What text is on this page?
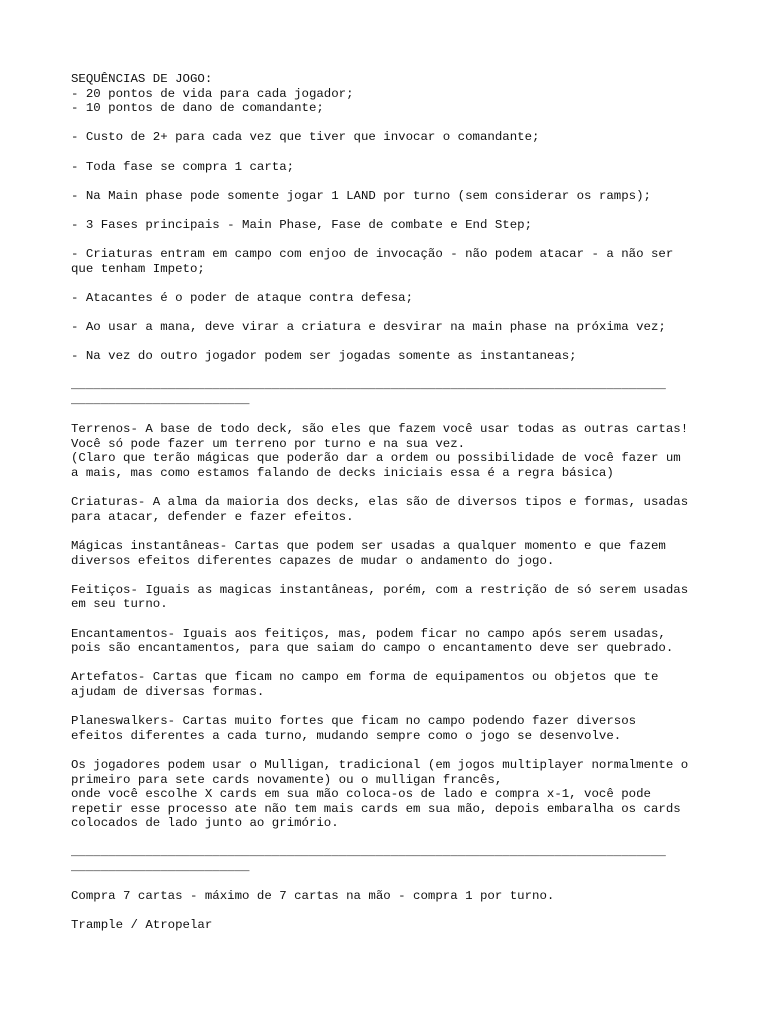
SEQUÊNCIAS DE JOGO:
- 20 pontos de vida para cada jogador;
- 10 pontos de dano de comandante;
- Custo de 2+ para cada vez que tiver que invocar o comandante;
- Toda fase se compra 1 carta;
- Na Main phase pode somente jogar 1 LAND por turno (sem considerar os ramps);
- 3 Fases principais - Main Phase, Fase de combate e End Step;
- Criaturas entram em campo com enjoo de invocação - não podem atacar - a não ser
que tenham Impeto;
- Atacantes é o poder de ataque contra defesa;
- Ao usar a mana, deve virar a criatura e desvirar na main phase na próxima vez;
- Na vez do outro jogador podem ser jogadas somente as instantaneas;
________________________________________________________________________________
________________________
Terrenos- A base de todo deck, são eles que fazem você usar todas as outras cartas!
Você só pode fazer um terreno por turno e na sua vez.
(Claro que terão mágicas que poderão dar a ordem ou possibilidade de você fazer um
a mais, mas como estamos falando de decks iniciais essa é a regra básica)
Criaturas- A alma da maioria dos decks, elas são de diversos tipos e formas, usadas
para atacar, defender e fazer efeitos.
Mágicas instantâneas- Cartas que podem ser usadas a qualquer momento e que fazem
diversos efeitos diferentes capazes de mudar o andamento do jogo.
Feitiços- Iguais as magicas instantâneas, porém, com a restrição de só serem usadas
em seu turno.
Encantamentos- Iguais aos feitiços, mas, podem ficar no campo após serem usadas,
pois são encantamentos, para que saiam do campo o encantamento deve ser quebrado.
Artefatos- Cartas que ficam no campo em forma de equipamentos ou objetos que te
ajudam de diversas formas.
Planeswalkers- Cartas muito fortes que ficam no campo podendo fazer diversos
efeitos diferentes a cada turno, mudando sempre como o jogo se desenvolve.
Os jogadores podem usar o Mulligan, tradicional (em jogos multiplayer normalmente o
primeiro para sete cards novamente) ou o mulligan francês,
onde você escolhe X cards em sua mão coloca-os de lado e compra x-1, você pode
repetir esse processo ate não tem mais cards em sua mão, depois embaralha os cards
colocados de lado junto ao grimório.
________________________________________________________________________________
________________________
Compra 7 cartas - máximo de 7 cartas na mão - compra 1 por turno.
Trample / Atropelar
